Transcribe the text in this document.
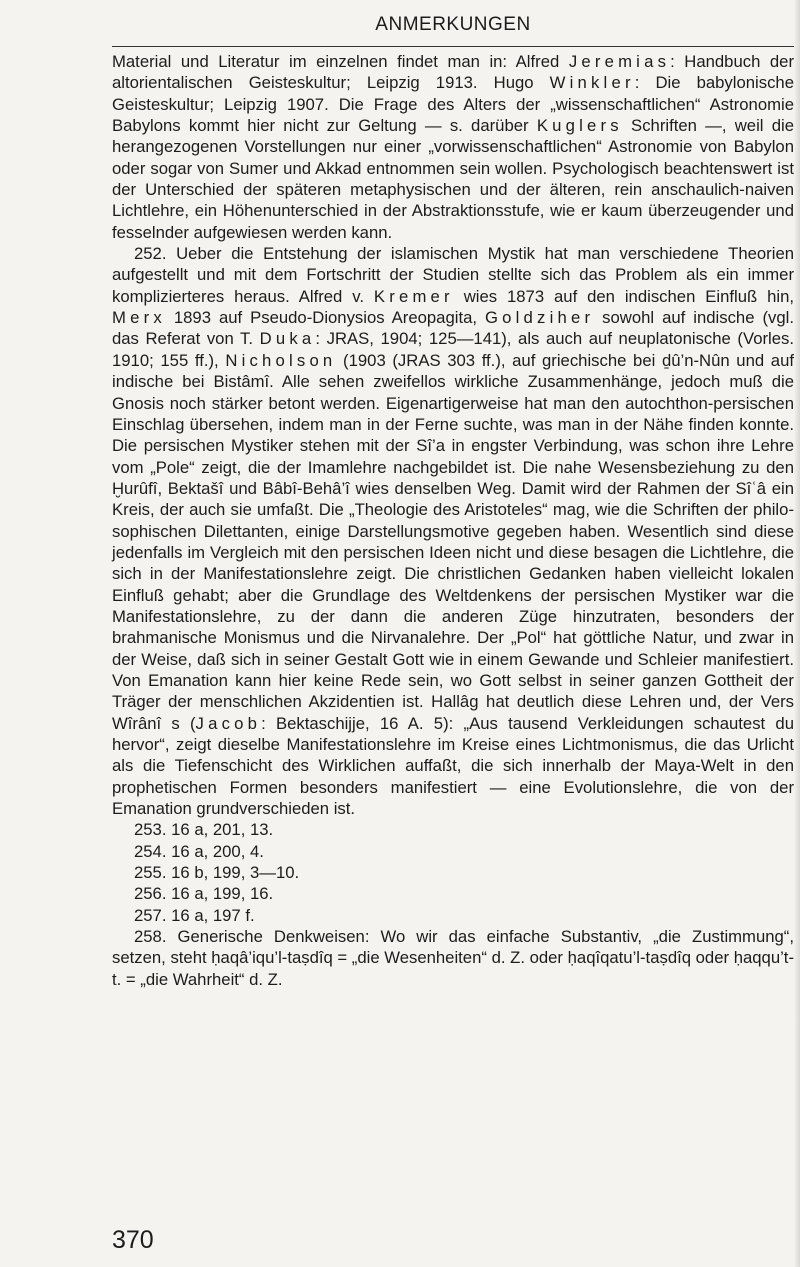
ANMERKUNGEN

Material und Literatur im einzelnen findet man in: Alfred Jeremias: Handbuch der altorientalischen Geisteskultur; Leipzig 1913. Hugo Winkler: Die babylonische Geisteskultur; Leipzig 1907. Die Frage des Alters der „wissenschaftlichen“ Astronomie Babylons kommt hier nicht zur Geltung — s. darüber Kuglers Schriften —, weil die herangezogenen Vorstellungen nur einer „vorwissenschaftlichen“ Astronomie von Babylon oder sogar von Sumer und Akkad entnommen sein wollen. Psychologisch beachtenswert ist der Unterschied der späteren metaphysischen und der älteren, rein anschaulich-naiven Lichtlehre, ein Höhenunterschied in der Abstraktionsstufe, wie er kaum überzeugender und fesselnder aufgewiesen werden kann.

252. Ueber die Entstehung der islamischen Mystik hat man verschiedene Theorien aufgestellt und mit dem Fortschritt der Studien stellte sich das Problem als ein immer komplizierteres heraus. Alfred v. Kremer wies 1873 auf den indischen Einfluß hin, Merx 1893 auf Pseudo-Dionysios Areopagita, Goldziher sowohl auf indische (vgl. das Referat von T. Duka: JRAS, 1904; 125—141), als auch auf neuplatonische (Vorles. 1910; 155 ff.), Nicholson (1903 (JRAS 303 ff.), auf griechische bei ḏû’n-Nûn und auf indische bei Bistâmî. Alle sehen zweifellos wirkliche Zusammenhänge, jedoch muß die Gnosis noch stärker betont werden. Eigenartigerweise hat man den autochthon-persischen Einschlag übersehen, indem man in der Ferne suchte, was man in der Nähe finden konnte. Die persischen Mystiker stehen mit der Sî’a in engster Verbindung, was schon ihre Lehre vom „Pole“ zeigt, die der Imamlehre nachgebildet ist. Die nahe Wesensbeziehung zu den Ḫurûfî, Bektašî und Bâbî-Behâ’î wies denselben Weg. Damit wird der Rahmen der Sîʿâ ein Kreis, der auch sie umfaßt. Die „Theologie des Aristoteles“ mag, wie die Schriften der philosophischen Dilettanten, einige Darstellungsmotive gegeben haben. Wesentlich sind diese jedenfalls im Vergleich mit den persischen Ideen nicht und diese besagen die Lichtlehre, die sich in der Manifestationslehre zeigt. Die christlichen Gedanken haben vielleicht lokalen Einfluß gehabt; aber die Grundlage des Weltdenkens der persischen Mystiker war die Manifestationslehre, zu der dann die anderen Züge hinzutraten, besonders der brahmanische Monismus und die Nirvanalehre. Der „Pol“ hat göttliche Natur, und zwar in der Weise, daß sich in seiner Gestalt Gott wie in einem Gewande und Schleier manifestiert. Von Emanation kann hier keine Rede sein, wo Gott selbst in seiner ganzen Gottheit der Träger der menschlichen Akzidentien ist. Hallâg hat deutlich diese Lehren und, der Vers Wîrânî s (Jacob: Bektaschijje, 16 A. 5): „Aus tausend Verkleidungen schautest du hervor“, zeigt dieselbe Manifestationslehre im Kreise eines Lichtmonismus, die das Urlicht als die Tiefenschicht des Wirklichen auffaßt, die sich innerhalb der Maya-Welt in den prophetischen Formen besonders manifestiert — eine Evolutionslehre, die von der Emanation grundverschieden ist.

253. 16 a, 201, 13.

254. 16 a, 200, 4.

255. 16 b, 199, 3—10.

256. 16 a, 199, 16.

257. 16 a, 197 f.

258. Generische Denkweisen: Wo wir das einfache Substantiv, „die Zustimmung“, setzen, steht ḥaqâ’iqu’l-taṣdîq = „die Wesenheiten“ d. Z. oder ḥaqîqatu’l-taṣdîq oder ḥaqqu’t-t. = „die Wahrheit“ d. Z.

370
